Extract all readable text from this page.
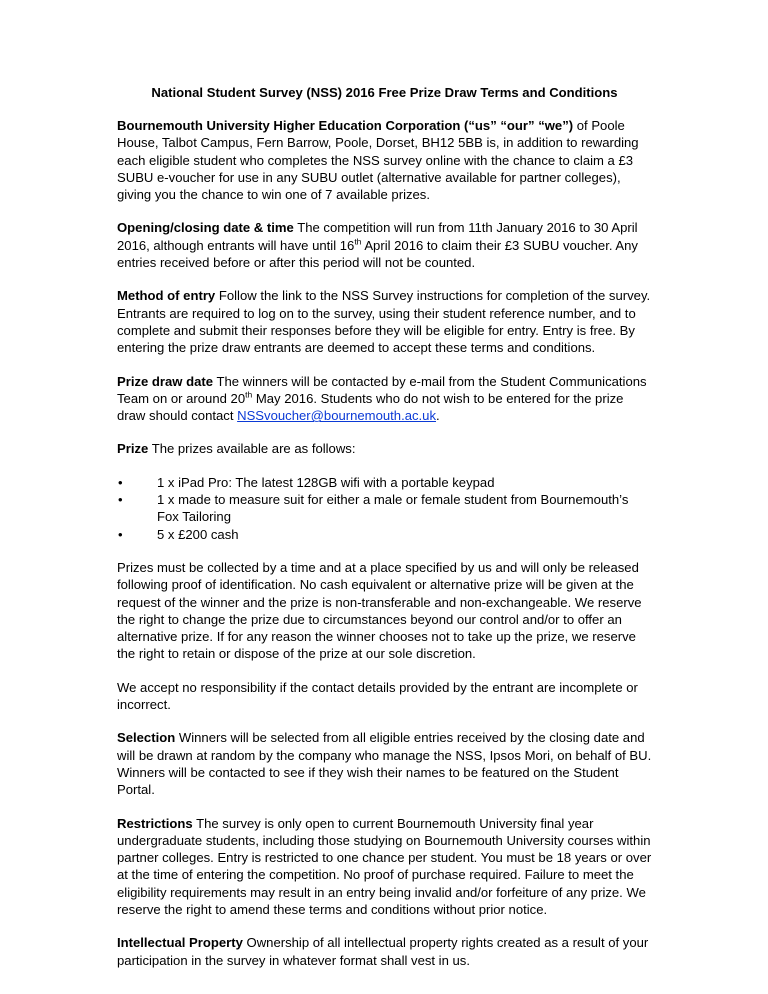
National Student Survey (NSS) 2016 Free Prize Draw Terms and Conditions

Bournemouth University Higher Education Corporation (“us” “our” “we”) of Poole House, Talbot Campus, Fern Barrow, Poole, Dorset, BH12 5BB is, in addition to rewarding each eligible student who completes the NSS survey online with the chance to claim a £3 SUBU e-voucher for use in any SUBU outlet (alternative available for partner colleges), giving you the chance to win one of 7 available prizes.

Opening/closing date & time The competition will run from 11th January 2016 to 30 April 2016, although entrants will have until 16th April 2016 to claim their £3 SUBU voucher. Any entries received before or after this period will not be counted.

Method of entry Follow the link to the NSS Survey instructions for completion of the survey. Entrants are required to log on to the survey, using their student reference number, and to complete and submit their responses before they will be eligible for entry. Entry is free. By entering the prize draw entrants are deemed to accept these terms and conditions.

Prize draw date The winners will be contacted by e-mail from the Student Communications Team on or around 20th May 2016. Students who do not wish to be entered for the prize draw should contact NSSvoucher@bournemouth.ac.uk.

Prize The prizes available are as follows:

•	1 x iPad Pro: The latest 128GB wifi with a portable keypad
•	1 x made to measure suit for either a male or female student from Bournemouth’s Fox Tailoring
•	5 x £200 cash

Prizes must be collected by a time and at a place specified by us and will only be released following proof of identification. No cash equivalent or alternative prize will be given at the request of the winner and the prize is non-transferable and non-exchangeable. We reserve the right to change the prize due to circumstances beyond our control and/or to offer an alternative prize. If for any reason the winner chooses not to take up the prize, we reserve the right to retain or dispose of the prize at our sole discretion.

We accept no responsibility if the contact details provided by the entrant are incomplete or incorrect.

Selection Winners will be selected from all eligible entries received by the closing date and will be drawn at random by the company who manage the NSS, Ipsos Mori, on behalf of BU. Winners will be contacted to see if they wish their names to be featured on the Student Portal.

Restrictions The survey is only open to current Bournemouth University final year undergraduate students, including those studying on Bournemouth University courses within partner colleges. Entry is restricted to one chance per student. You must be 18 years or over at the time of entering the competition. No proof of purchase required. Failure to meet the eligibility requirements may result in an entry being invalid and/or forfeiture of any prize. We reserve the right to amend these terms and conditions without prior notice.

Intellectual Property Ownership of all intellectual property rights created as a result of your participation in the survey in whatever format shall vest in us.
